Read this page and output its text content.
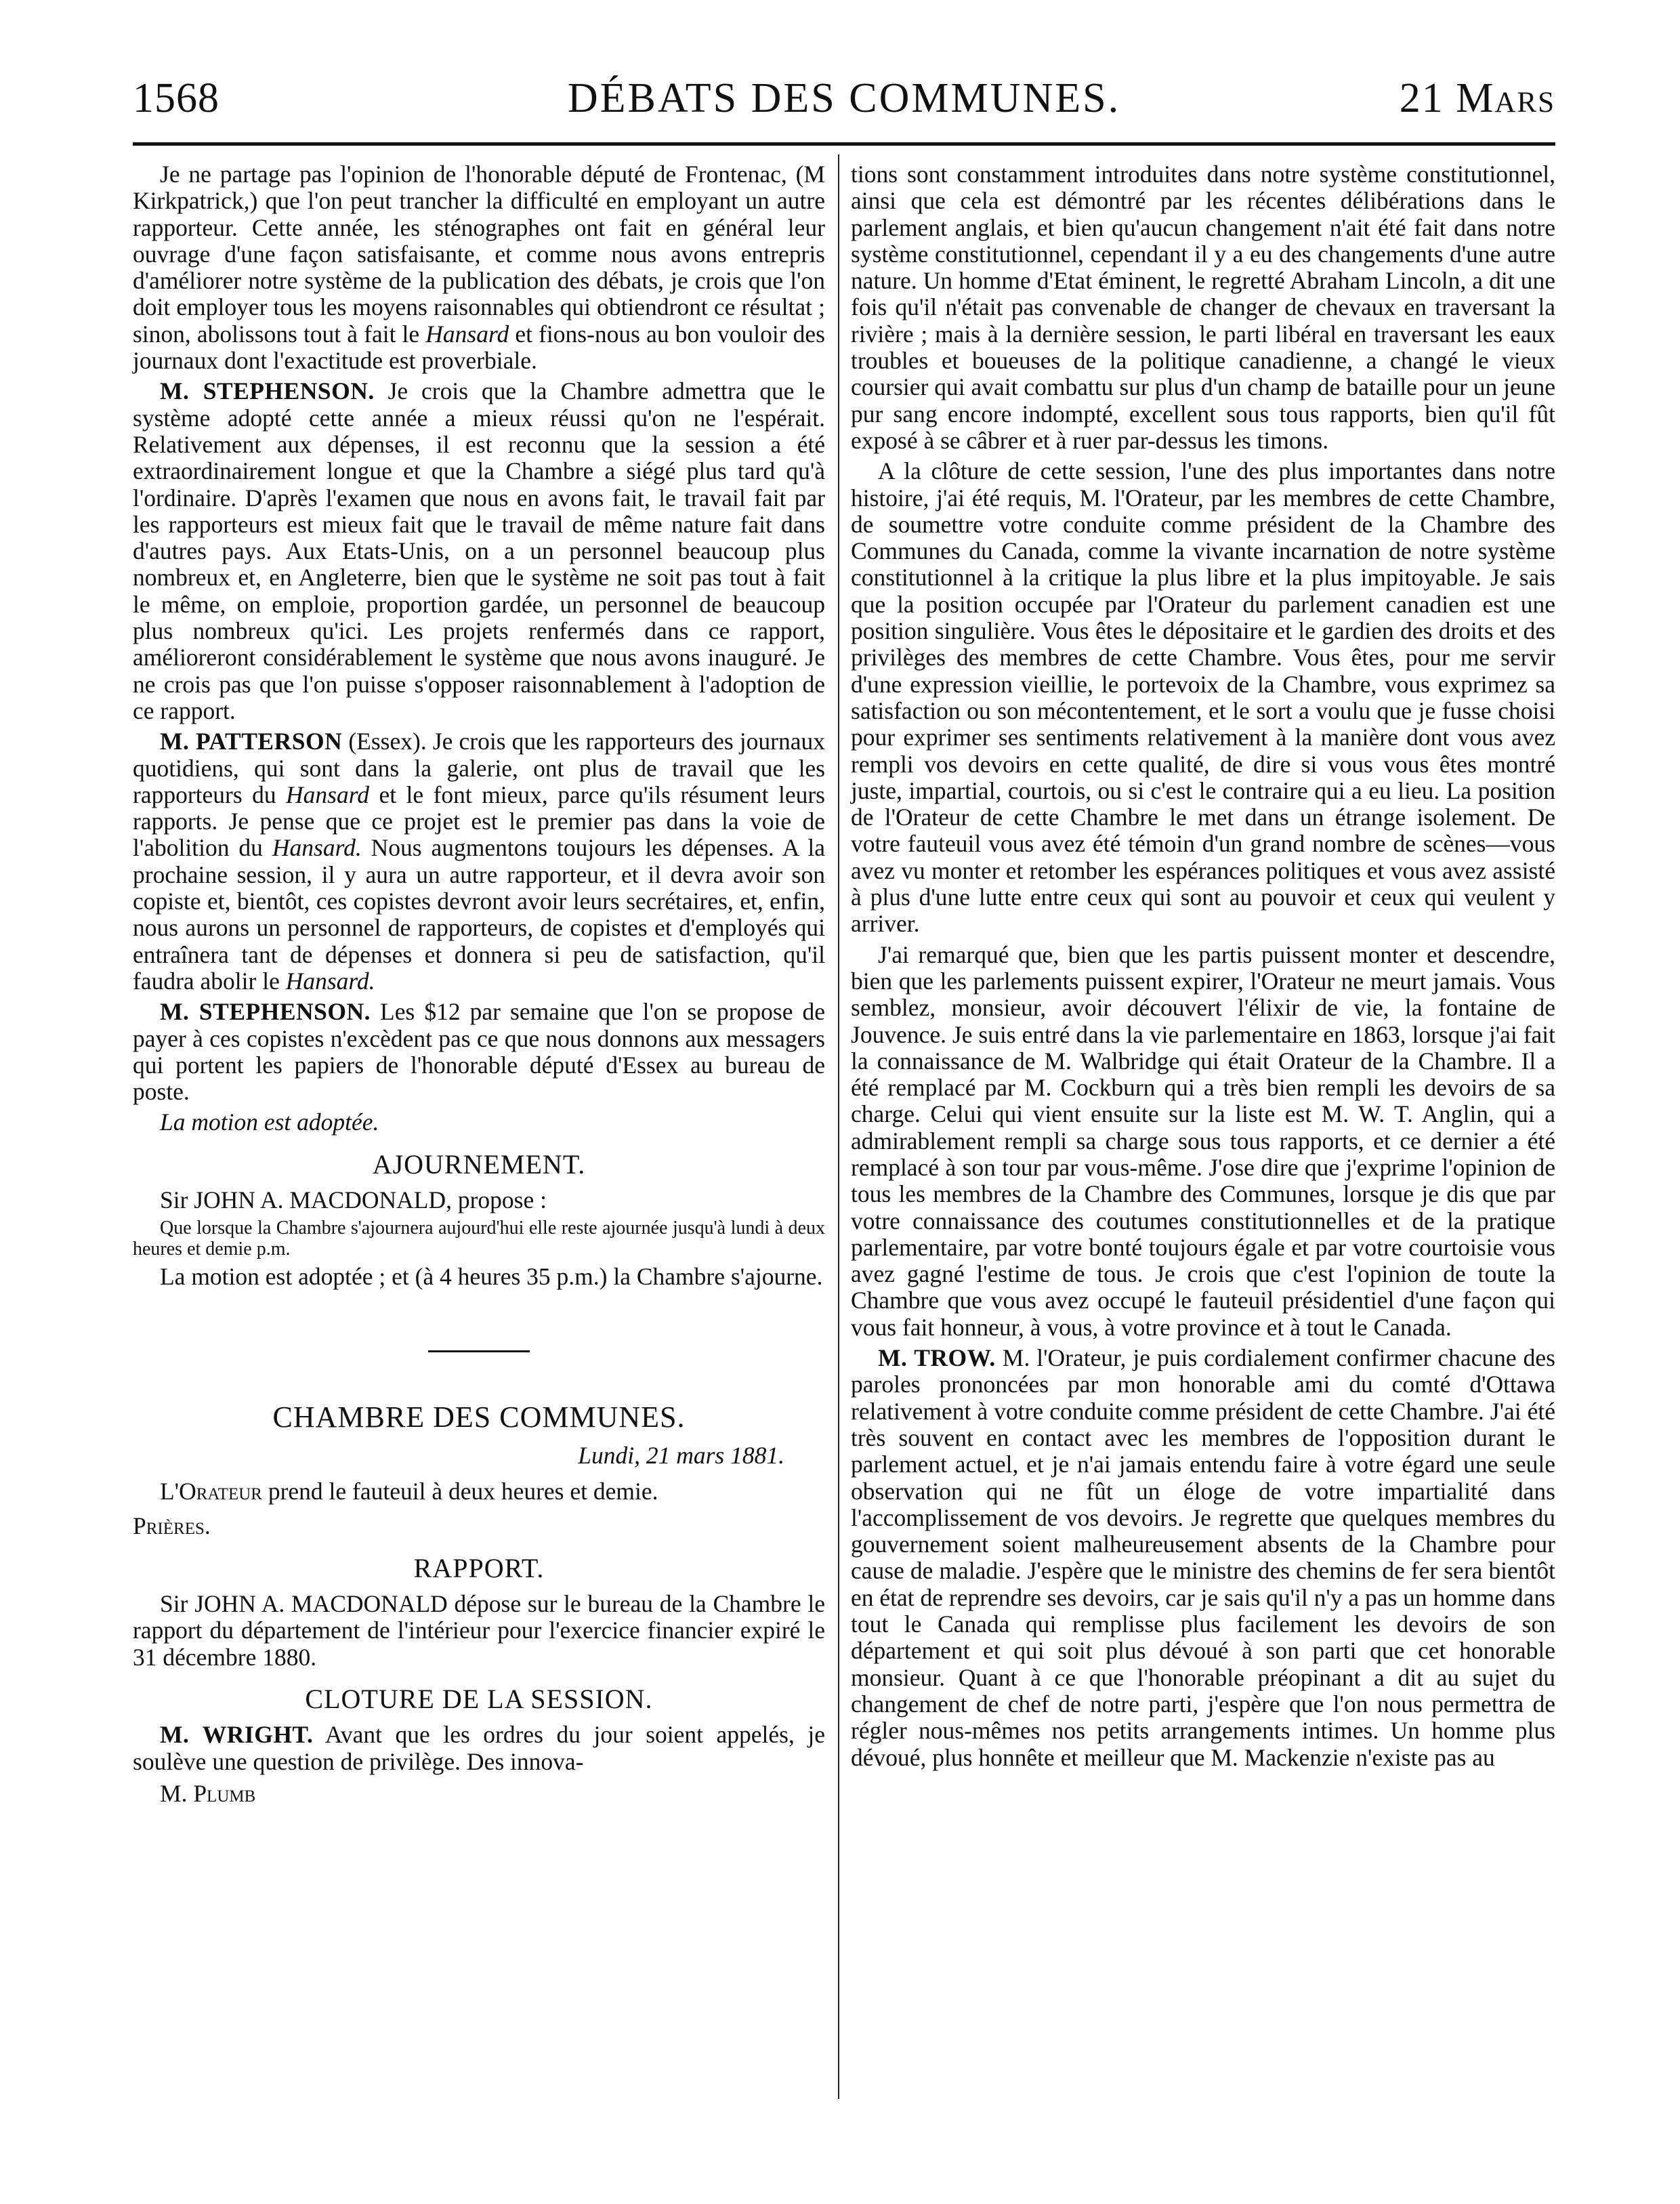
1568	DÉBATS DES COMMUNES.	21 Mars

Je ne partage pas l'opinion de l'honorable député de Frontenac, (M Kirkpatrick,) que l'on peut trancher la difficulté en employant un autre rapporteur. Cette année, les sténographes ont fait en général leur ouvrage d'une façon satisfaisante, et comme nous avons entrepris d'améliorer notre système de la publication des débats, je crois que l'on doit employer tous les moyens raisonnables qui obtiendront ce résultat ; sinon, abolissons tout à fait le Hansard et fions-nous au bon vouloir des journaux dont l'exactitude est proverbiale.

M. STEPHENSON. Je crois que la Chambre admettra que le système adopté cette année a mieux réussi qu'on ne l'espérait. Relativement aux dépenses, il est reconnu que la session a été extraordinairement longue et que la Chambre a siégé plus tard qu'à l'ordinaire. D'après l'examen que nous en avons fait, le travail fait par les rapporteurs est mieux fait que le travail de même nature fait dans d'autres pays. Aux Etats-Unis, on a un personnel beaucoup plus nombreux et, en Angleterre, bien que le système ne soit pas tout à fait le même, on emploie, proportion gardée, un personnel de beaucoup plus nombreux qu'ici. Les projets renfermés dans ce rapport, amélioreront considérablement le système que nous avons inauguré. Je ne crois pas que l'on puisse s'opposer raisonnablement à l'adoption de ce rapport.

M. PATTERSON (Essex). Je crois que les rapporteurs des journaux quotidiens, qui sont dans la galerie, ont plus de travail que les rapporteurs du Hansard et le font mieux, parce qu'ils résument leurs rapports. Je pense que ce projet est le premier pas dans la voie de l'abolition du Hansard. Nous augmentons toujours les dépenses. A la prochaine session, il y aura un autre rapporteur, et il devra avoir son copiste et, bientôt, ces copistes devront avoir leurs secrétaires, et, enfin, nous aurons un personnel de rapporteurs, de copistes et d'employés qui entraînera tant de dépenses et donnera si peu de satisfaction, qu'il faudra abolir le Hansard.

M. STEPHENSON. Les $12 par semaine que l'on se propose de payer à ces copistes n'excèdent pas ce que nous donnons aux messagers qui portent les papiers de l'honorable député d'Essex au bureau de poste.

La motion est adoptée.

AJOURNEMENT.

Sir JOHN A. MACDONALD, propose :

Que lorsque la Chambre s'ajournera aujourd'hui elle reste ajournée jusqu'à lundi à deux heures et demie p.m.

La motion est adoptée ; et (à 4 heures 35 p.m.) la Chambre s'ajourne.

CHAMBRE DES COMMUNES.

Lundi, 21 mars 1881.

L'Orateur prend le fauteuil à deux heures et demie.

Prières.

RAPPORT.

Sir JOHN A. MACDONALD dépose sur le bureau de la Chambre le rapport du département de l'intérieur pour l'exercice financier expiré le 31 décembre 1880.

CLOTURE DE LA SESSION.

M. WRIGHT. Avant que les ordres du jour soient appelés, je soulève une question de privilège. Des innova-

M. Plumb

tions sont constamment introduites dans notre système constitutionnel, ainsi que cela est démontré par les récentes délibérations dans le parlement anglais, et bien qu'aucun changement n'ait été fait dans notre système constitutionnel, cependant il y a eu des changements d'une autre nature. Un homme d'Etat éminent, le regretté Abraham Lincoln, a dit une fois qu'il n'était pas convenable de changer de chevaux en traversant la rivière ; mais à la dernière session, le parti libéral en traversant les eaux troubles et boueuses de la politique canadienne, a changé le vieux coursier qui avait combattu sur plus d'un champ de bataille pour un jeune pur sang encore indompté, excellent sous tous rapports, bien qu'il fût exposé à se câbrer et à ruer par-dessus les timons.

A la clôture de cette session, l'une des plus importantes dans notre histoire, j'ai été requis, M. l'Orateur, par les membres de cette Chambre, de soumettre votre conduite comme président de la Chambre des Communes du Canada, comme la vivante incarnation de notre système constitutionnel à la critique la plus libre et la plus impitoyable. Je sais que la position occupée par l'Orateur du parlement canadien est une position singulière. Vous êtes le dépositaire et le gardien des droits et des privilèges des membres de cette Chambre. Vous êtes, pour me servir d'une expression vieillie, le portevoix de la Chambre, vous exprimez sa satisfaction ou son mécontentement, et le sort a voulu que je fusse choisi pour exprimer ses sentiments relativement à la manière dont vous avez rempli vos devoirs en cette qualité, de dire si vous vous êtes montré juste, impartial, courtois, ou si c'est le contraire qui a eu lieu. La position de l'Orateur de cette Chambre le met dans un étrange isolement. De votre fauteuil vous avez été témoin d'un grand nombre de scènes—vous avez vu monter et retomber les espérances politiques et vous avez assisté à plus d'une lutte entre ceux qui sont au pouvoir et ceux qui veulent y arriver.

J'ai remarqué que, bien que les partis puissent monter et descendre, bien que les parlements puissent expirer, l'Orateur ne meurt jamais. Vous semblez, monsieur, avoir découvert l'élixir de vie, la fontaine de Jouvence. Je suis entré dans la vie parlementaire en 1863, lorsque j'ai fait la connaissance de M. Walbridge qui était Orateur de la Chambre. Il a été remplacé par M. Cockburn qui a très bien rempli les devoirs de sa charge. Celui qui vient ensuite sur la liste est M. W. T. Anglin, qui a admirablement rempli sa charge sous tous rapports, et ce dernier a été remplacé à son tour par vous-même. J'ose dire que j'exprime l'opinion de tous les membres de la Chambre des Communes, lorsque je dis que par votre connaissance des coutumes constitutionnelles et de la pratique parlementaire, par votre bonté toujours égale et par votre courtoisie vous avez gagné l'estime de tous. Je crois que c'est l'opinion de toute la Chambre que vous avez occupé le fauteuil présidentiel d'une façon qui vous fait honneur, à vous, à votre province et à tout le Canada.

M. TROW. M. l'Orateur, je puis cordialement confirmer chacune des paroles prononcées par mon honorable ami du comté d'Ottawa relativement à votre conduite comme président de cette Chambre. J'ai été très souvent en contact avec les membres de l'opposition durant le parlement actuel, et je n'ai jamais entendu faire à votre égard une seule observation qui ne fût un éloge de votre impartialité dans l'accomplissement de vos devoirs. Je regrette que quelques membres du gouvernement soient malheureusement absents de la Chambre pour cause de maladie. J'espère que le ministre des chemins de fer sera bientôt en état de reprendre ses devoirs, car je sais qu'il n'y a pas un homme dans tout le Canada qui remplisse plus facilement les devoirs de son département et qui soit plus dévoué à son parti que cet honorable monsieur. Quant à ce que l'honorable préopinant a dit au sujet du changement de chef de notre parti, j'espère que l'on nous permettra de régler nous-mêmes nos petits arrangements intimes. Un homme plus dévoué, plus honnête et meilleur que M. Mackenzie n'existe pas au
